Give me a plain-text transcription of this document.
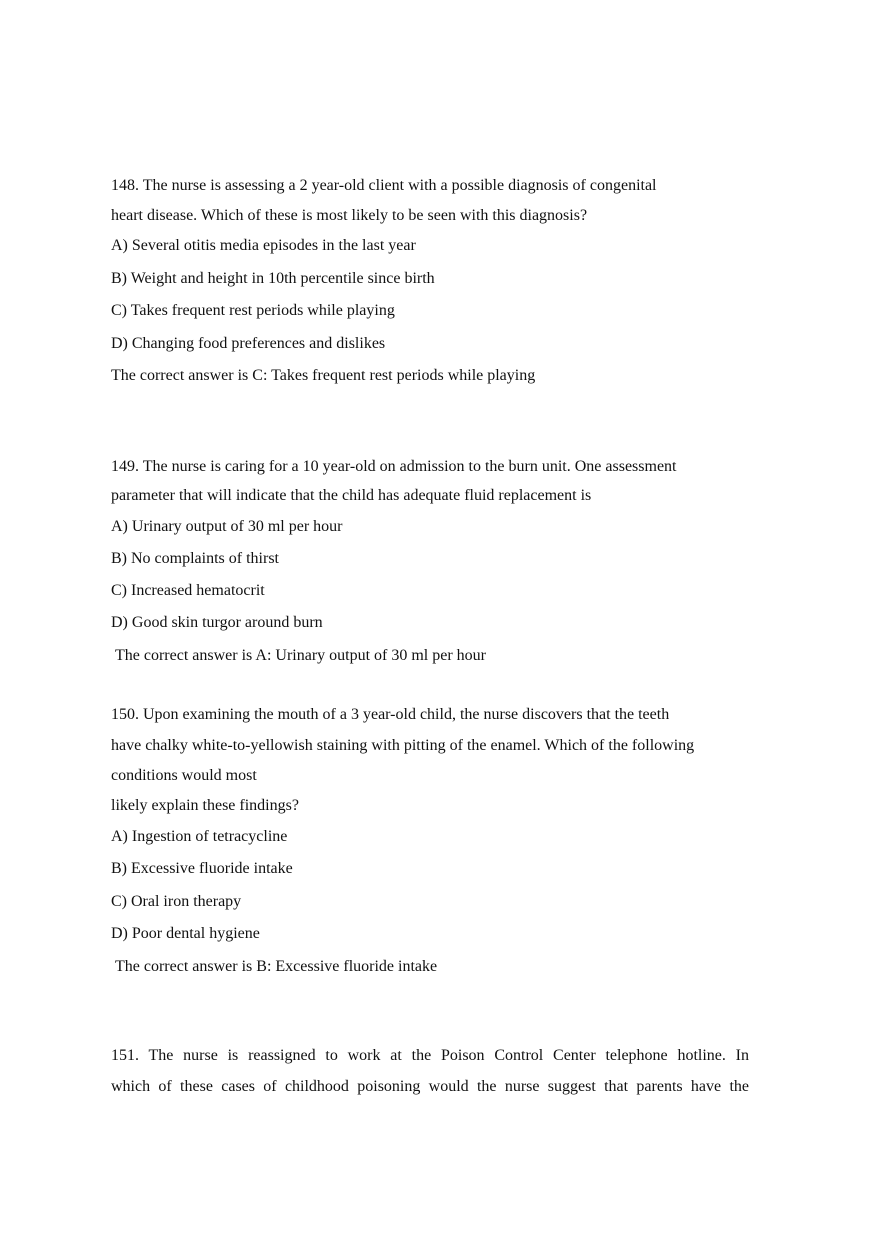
148. The nurse is assessing a 2 year-old client with a possible diagnosis of congenital
heart disease. Which of these is most likely to be seen with this diagnosis?
A) Several otitis media episodes in the last year
B) Weight and height in 10th percentile since birth
C) Takes frequent rest periods while playing
D) Changing food preferences and dislikes
The correct answer is C: Takes frequent rest periods while playing
149. The nurse is caring for a 10 year-old on admission to the burn unit. One assessment
parameter that will indicate that the child has adequate fluid replacement is
A) Urinary output of 30 ml per hour
B) No complaints of thirst
C) Increased hematocrit
D) Good skin turgor around burn
The correct answer is A: Urinary output of 30 ml per hour
150. Upon examining the mouth of a 3 year-old child, the nurse discovers that the teeth
have chalky white-to-yellowish staining with pitting of the enamel. Which of the following
conditions would most
likely explain these findings?
A) Ingestion of tetracycline
B) Excessive fluoride intake
C) Oral iron therapy
D) Poor dental hygiene
The correct answer is B: Excessive fluoride intake
151. The nurse is reassigned to work at the Poison Control Center telephone hotline. In
which of these cases of childhood poisoning would the nurse suggest that parents have the
